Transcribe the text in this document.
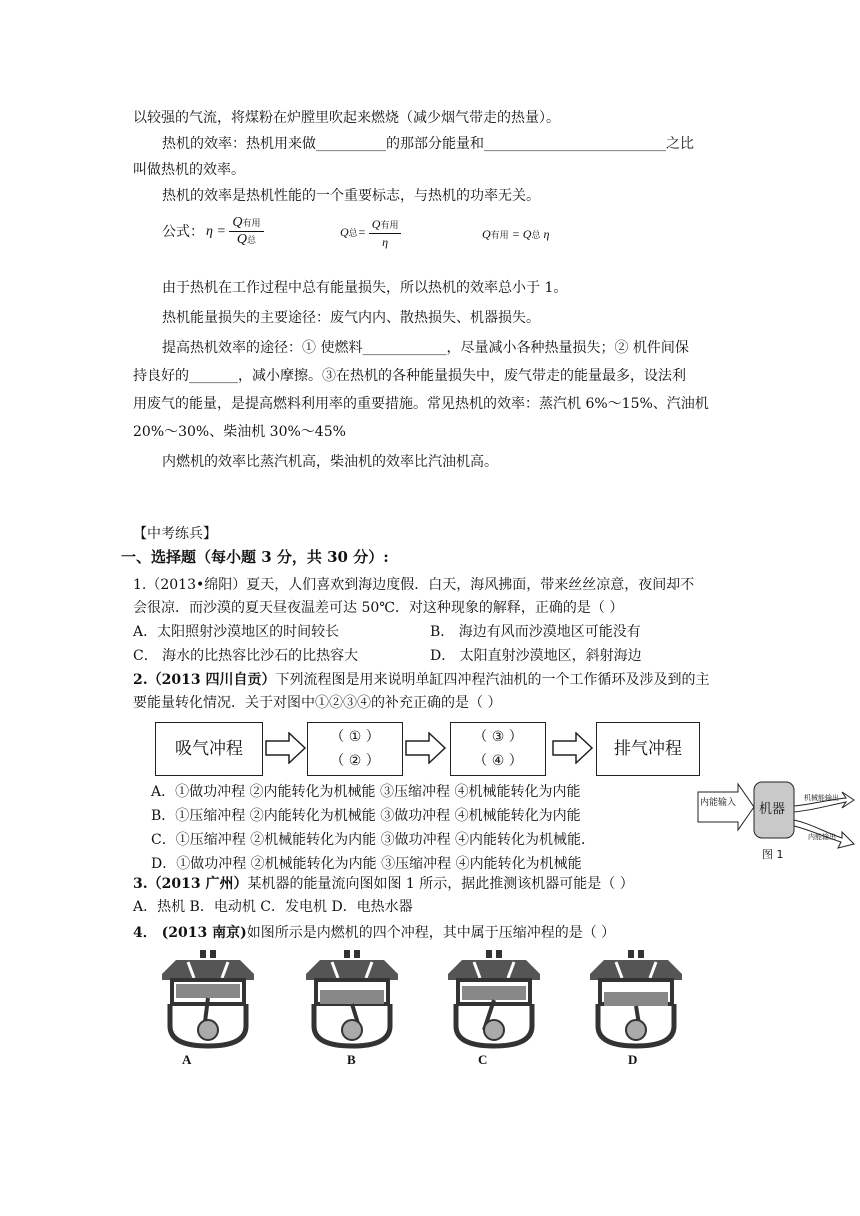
以较强的气流，将煤粉在炉膛里吹起来燃烧（减少烟气带走的热量）。
热机的效率：热机用来做__________的那部分能量和__________________________之比
叫做热机的效率。
热机的效率是热机性能的一个重要标志，与热机的功率无关。
公式： $\eta = \frac{\text{Q有用}}{\text{Q总}}$	Q总= $\frac{\text{Q有用}}{\eta}$	Q有用 = Q总 η
由于热机在工作过程中总有能量损失，所以热机的效率总小于 1。
热机能量损失的主要途径：废气内内、散热损失、机器损失。
提高热机效率的途径：① 使燃料____________，尽量减小各种热量损失；② 机件间保
持良好的_______，减小摩擦。③在热机的各种能量损失中，废气带走的能量最多，设法利
用废气的能量，是提高燃料利用率的重要措施。常见热机的效率：蒸汽机 6%～15%、汽油机
20%～30%、柴油机 30%～45%
内燃机的效率比蒸汽机高，柴油机的效率比汽油机高。
【中考练兵】
一、选择题（每小题 3 分，共 30 分）:
1.（2013•绵阳）夏天，人们喜欢到海边度假．白天，海风拂面，带来丝丝凉意，夜间却不
会很凉．而沙漠的夏天昼夜温差可达 50℃．对这种现象的解释，正确的是（ ）
A．太阳照射沙漠地区的时间较长	B． 海边有风而沙漠地区可能没有
C． 海水的比热容比沙石的比热容大	D． 太阳直射沙漠地区，斜射海边
2.（2013 四川自贡）下列流程图是用来说明单缸四冲程汽油机的一个工作循环及涉及到的主
要能量转化情况．关于对图中①②③④的补充正确的是（ ）
吸气冲程
（ ① ）
（ ② ）
（ ③ ）
（ ④ ）
排气冲程
A．①做功冲程 ②内能转化为机械能 ③压缩冲程 ④机械能转化为内能
B．①压缩冲程 ②内能转化为机械能 ③做功冲程 ④机械能转化为内能
C．①压缩冲程 ②机械能转化为内能 ③做功冲程 ④内能转化为机械能．
D．①做功冲程 ②机械能转化为内能 ③压缩冲程 ④内能转化为机械能
内能输入 机器
机械能输出
内能输出
图 1
3.（2013 广州）某机器的能量流向图如图 1 所示，据此推测该机器可能是（ ）
A．热机 B．电动机 C．发电机 D．电热水器
4． (2013 南京)如图所示是内燃机的四个冲程，其中属于压缩冲程的是（ ）
A	B	C	D
